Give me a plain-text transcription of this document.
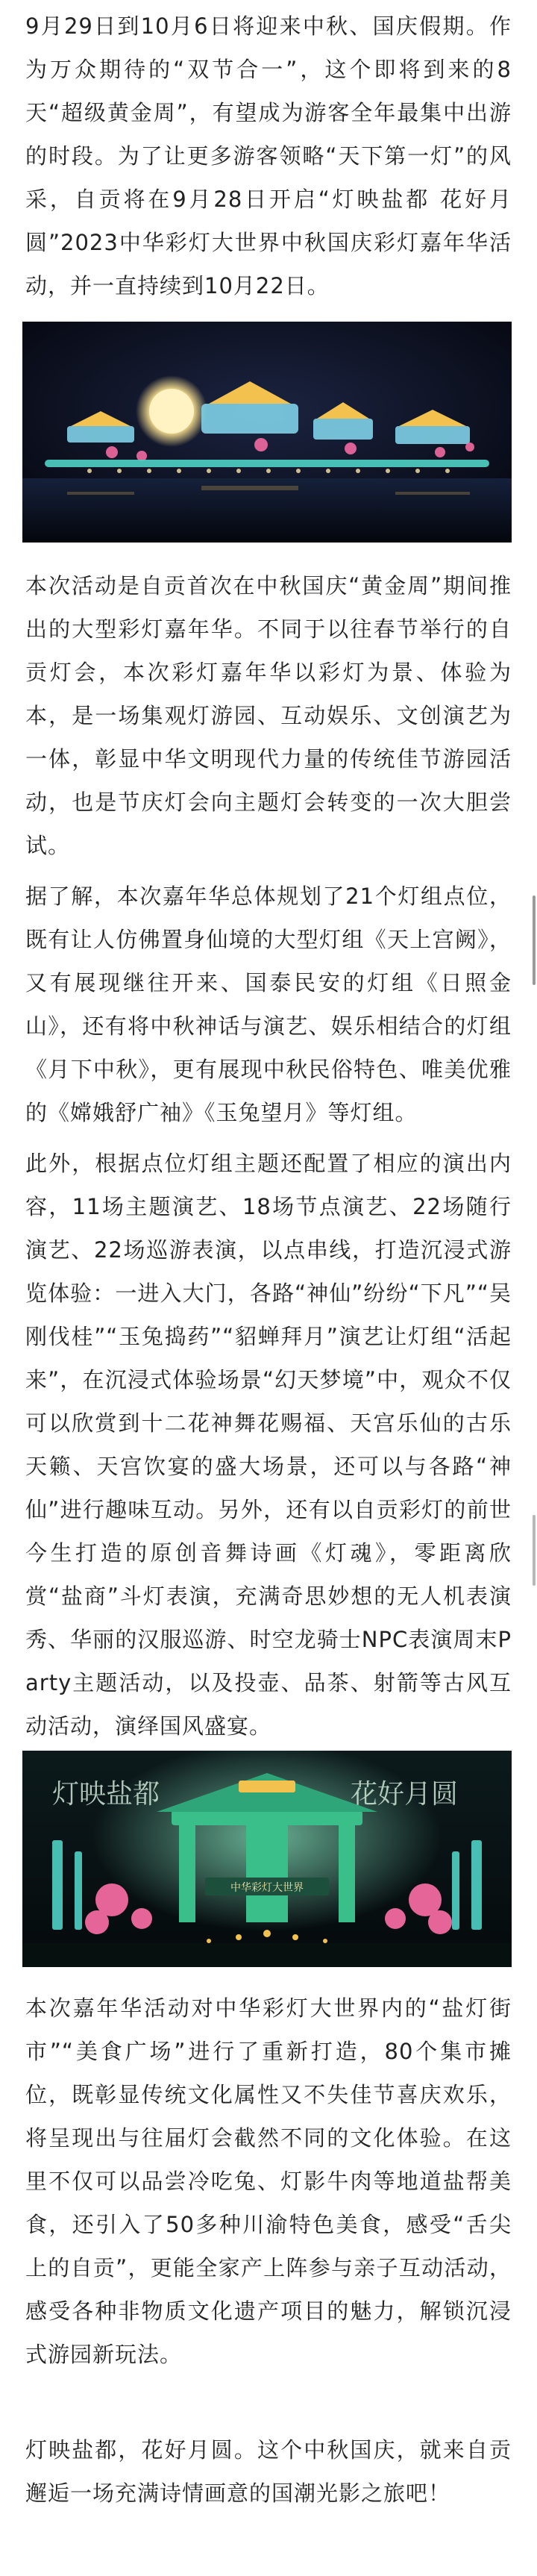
9月29日到10月6日将迎来中秋、国庆假期。作为万众期待的“双节合一”，这个即将到来的8天“超级黄金周”，有望成为游客全年最集中出游的时段。为了让更多游客领略“天下第一灯”的风采，自贡将在9月28日开启“灯映盐都 花好月圆”2023中华彩灯大世界中秋国庆彩灯嘉年华活动，并一直持续到10月22日。

本次活动是自贡首次在中秋国庆“黄金周”期间推出的大型彩灯嘉年华。不同于以往春节举行的自贡灯会，本次彩灯嘉年华以彩灯为景、体验为本，是一场集观灯游园、互动娱乐、文创演艺为一体，彰显中华文明现代力量的传统佳节游园活动，也是节庆灯会向主题灯会转变的一次大胆尝试。

据了解，本次嘉年华总体规划了21个灯组点位，既有让人仿佛置身仙境的大型灯组《天上宫阙》，又有展现继往开来、国泰民安的灯组《日照金山》，还有将中秋神话与演艺、娱乐相结合的灯组《月下中秋》，更有展现中秋民俗特色、唯美优雅的《嫦娥舒广袖》《玉兔望月》等灯组。

此外，根据点位灯组主题还配置了相应的演出内容，11场主题演艺、18场节点演艺、22场随行演艺、22场巡游表演，以点串线，打造沉浸式游览体验：一进入大门，各路“神仙”纷纷“下凡”“吴刚伐桂”“玉兔捣药”“貂蝉拜月”演艺让灯组“活起来”，在沉浸式体验场景“幻天梦境”中，观众不仅可以欣赏到十二花神舞花赐福、天宫乐仙的古乐天籁、天宫饮宴的盛大场景，还可以与各路“神仙”进行趣味互动。另外，还有以自贡彩灯的前世今生打造的原创音舞诗画《灯魂》，零距离欣赏“盐商”斗灯表演，充满奇思妙想的无人机表演秀、华丽的汉服巡游、时空龙骑士NPC表演周末Party主题活动，以及投壶、品茶、射箭等古风互动活动，演绎国风盛宴。

灯映盐都	花好月圆
中华彩灯大世界

本次嘉年华活动对中华彩灯大世界内的“盐灯街市”“美食广场”进行了重新打造，80个集市摊位，既彰显传统文化属性又不失佳节喜庆欢乐，将呈现出与往届灯会截然不同的文化体验。在这里不仅可以品尝冷吃兔、灯影牛肉等地道盐帮美食，还引入了50多种川渝特色美食，感受“舌尖上的自贡”，更能全家产上阵参与亲子互动活动，感受各种非物质文化遗产项目的魅力，解锁沉浸式游园新玩法。

灯映盐都，花好月圆。这个中秋国庆，就来自贡邂逅一场充满诗情画意的国潮光影之旅吧！
